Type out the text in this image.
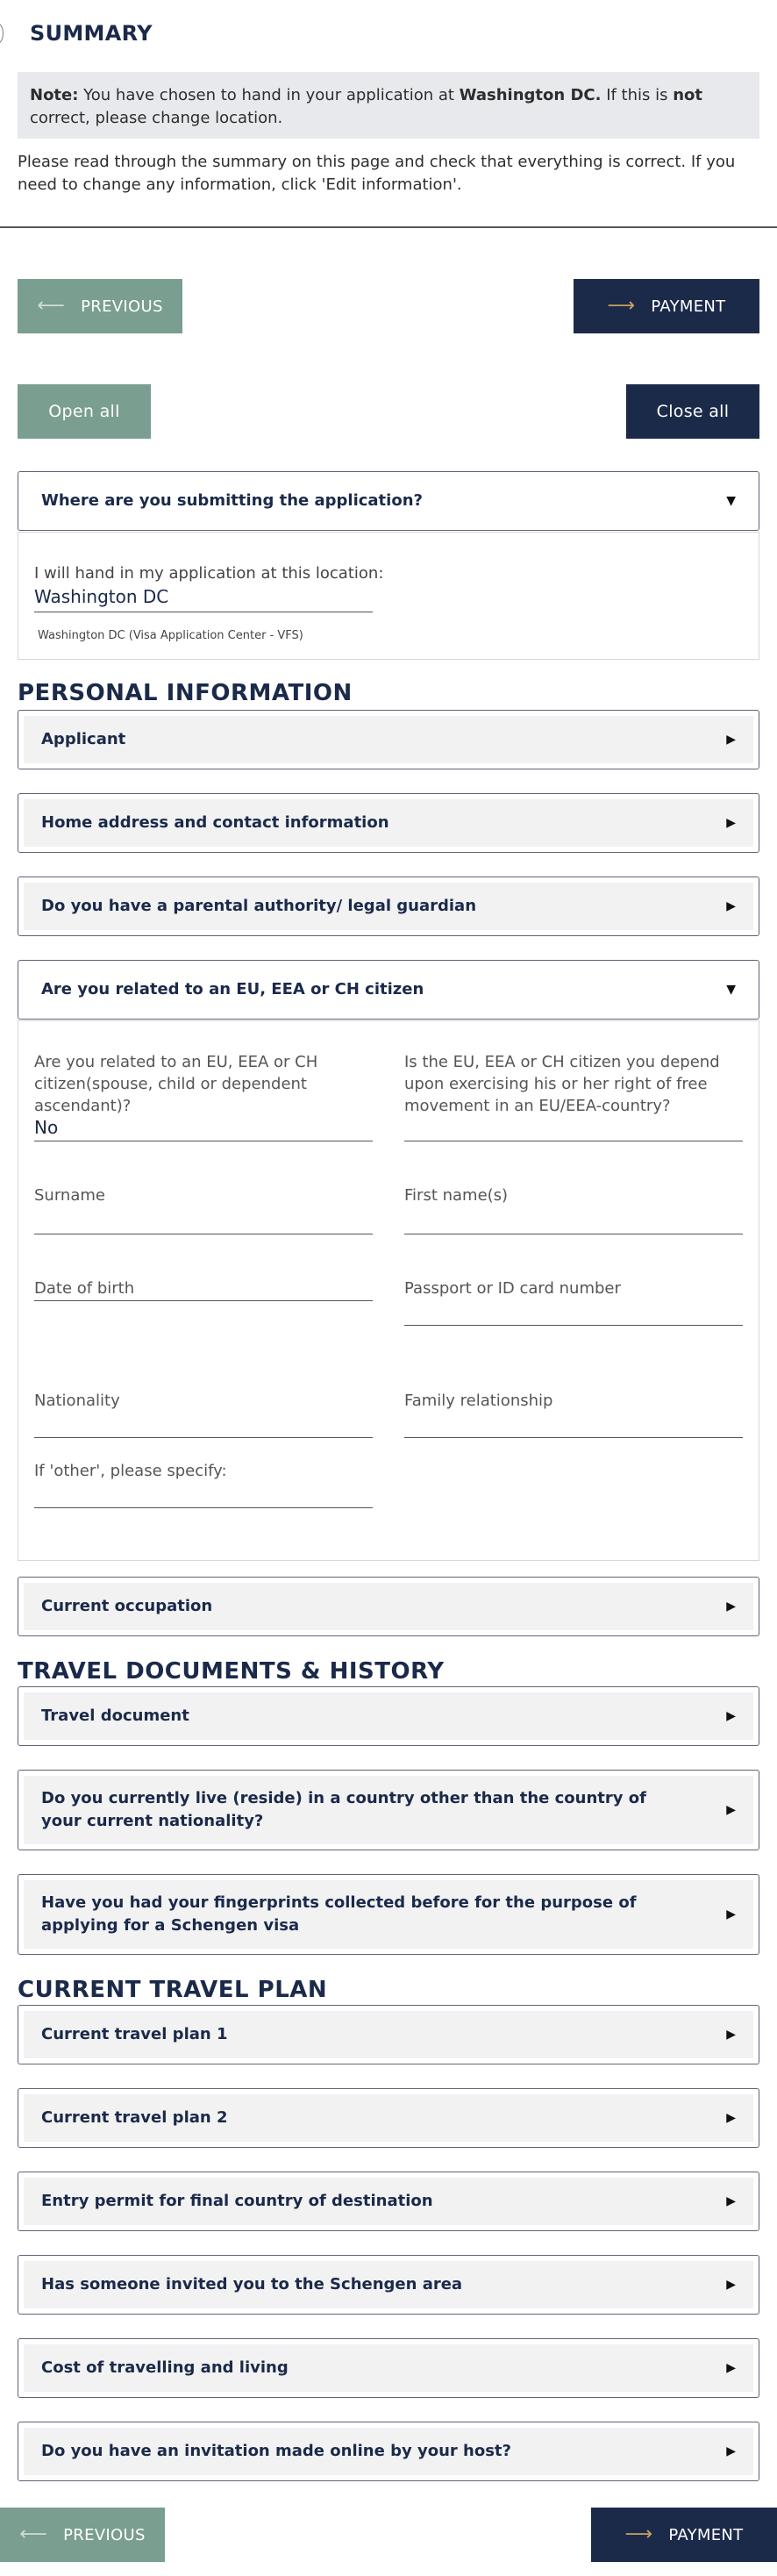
SUMMARY
Note: You have chosen to hand in your application at Washington DC. If this is not correct, please change location.
Please read through the summary on this page and check that everything is correct. If you need to change any information, click 'Edit information'.
⟵ PREVIOUS	⟶ PAYMENT
Open all	Close all
Where are you submitting the application?	▼
I will hand in my application at this location:
Washington DC
Washington DC (Visa Application Center - VFS)
PERSONAL INFORMATION
Applicant	▶
Home address and contact information	▶
Do you have a parental authority/ legal guardian	▶
Are you related to an EU, EEA or CH citizen	▼
Are you related to an EU, EEA or CH citizen(spouse, child or dependent ascendant)?
No
Is the EU, EEA or CH citizen you depend upon exercising his or her right of free movement in an EU/EEA-country?
Surname	First name(s)
Date of birth	Passport or ID card number
Nationality	Family relationship
If 'other', please specify:
Current occupation	▶
TRAVEL DOCUMENTS & HISTORY
Travel document	▶
Do you currently live (reside) in a country other than the country of your current nationality?
▶
Have you had your fingerprints collected before for the purpose of applying for a Schengen visa
▶
CURRENT TRAVEL PLAN
Current travel plan 1	▶
Current travel plan 2	▶
Entry permit for final country of destination	▶
Has someone invited you to the Schengen area	▶
Cost of travelling and living	▶
Do you have an invitation made online by your host?	▶
⟵ PREVIOUS	⟶ PAYMENT
